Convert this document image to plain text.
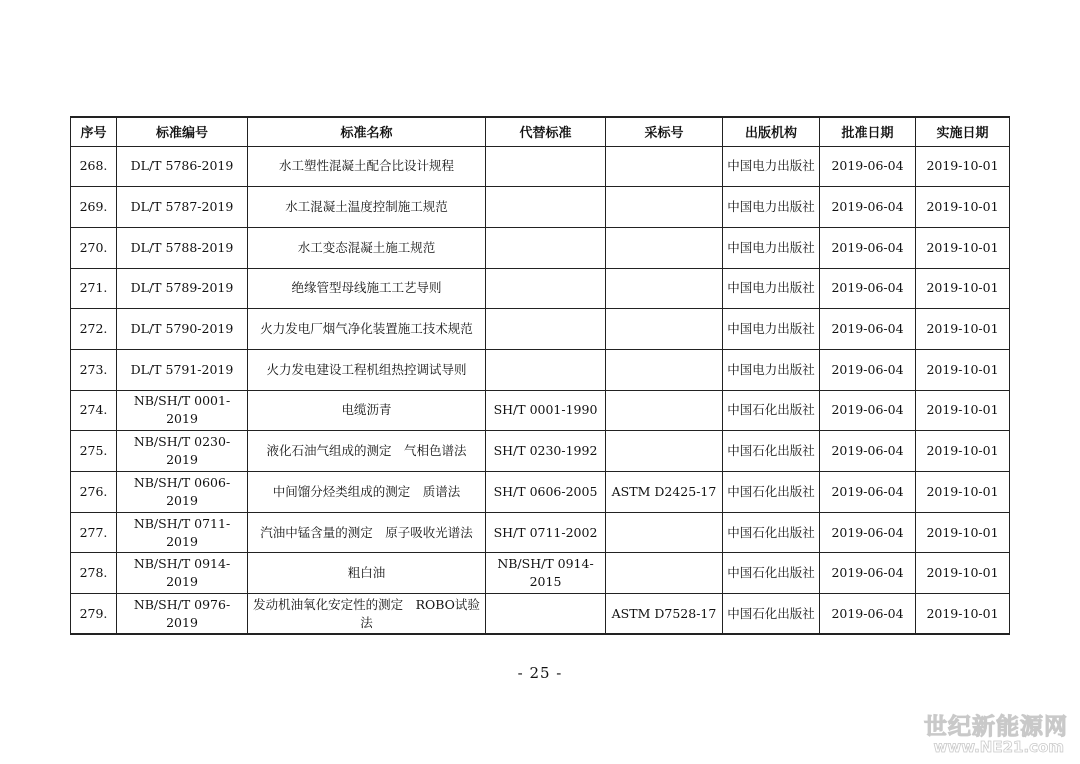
序号	标准编号	标准名称	代替标准	采标号	出版机构	批准日期	实施日期
268.	DL/T 5786-2019	水工塑性混凝土配合比设计规程			中国电力出版社	2019-06-04	2019-10-01
269.	DL/T 5787-2019	水工混凝土温度控制施工规范			中国电力出版社	2019-06-04	2019-10-01
270.	DL/T 5788-2019	水工变态混凝土施工规范			中国电力出版社	2019-06-04	2019-10-01
271.	DL/T 5789-2019	绝缘管型母线施工工艺导则			中国电力出版社	2019-06-04	2019-10-01
272.	DL/T 5790-2019	火力发电厂烟气净化装置施工技术规范			中国电力出版社	2019-06-04	2019-10-01
273.	DL/T 5791-2019	火力发电建设工程机组热控调试导则			中国电力出版社	2019-06-04	2019-10-01
274.	NB/SH/T 0001-2019	电缆沥青	SH/T 0001-1990		中国石化出版社	2019-06-04	2019-10-01
275.	NB/SH/T 0230-2019	液化石油气组成的测定　气相色谱法	SH/T 0230-1992		中国石化出版社	2019-06-04	2019-10-01
276.	NB/SH/T 0606-2019	中间馏分烃类组成的测定　质谱法	SH/T 0606-2005	ASTM D2425-17	中国石化出版社	2019-06-04	2019-10-01
277.	NB/SH/T 0711-2019	汽油中锰含量的测定　原子吸收光谱法	SH/T 0711-2002		中国石化出版社	2019-06-04	2019-10-01
278.	NB/SH/T 0914-2019	粗白油	NB/SH/T 0914-2015		中国石化出版社	2019-06-04	2019-10-01
279.	NB/SH/T 0976-2019	发动机油氧化安定性的测定　ROBO试验法		ASTM D7528-17	中国石化出版社	2019-06-04	2019-10-01
- 25 -
世纪新能源网
www.NE21.com
